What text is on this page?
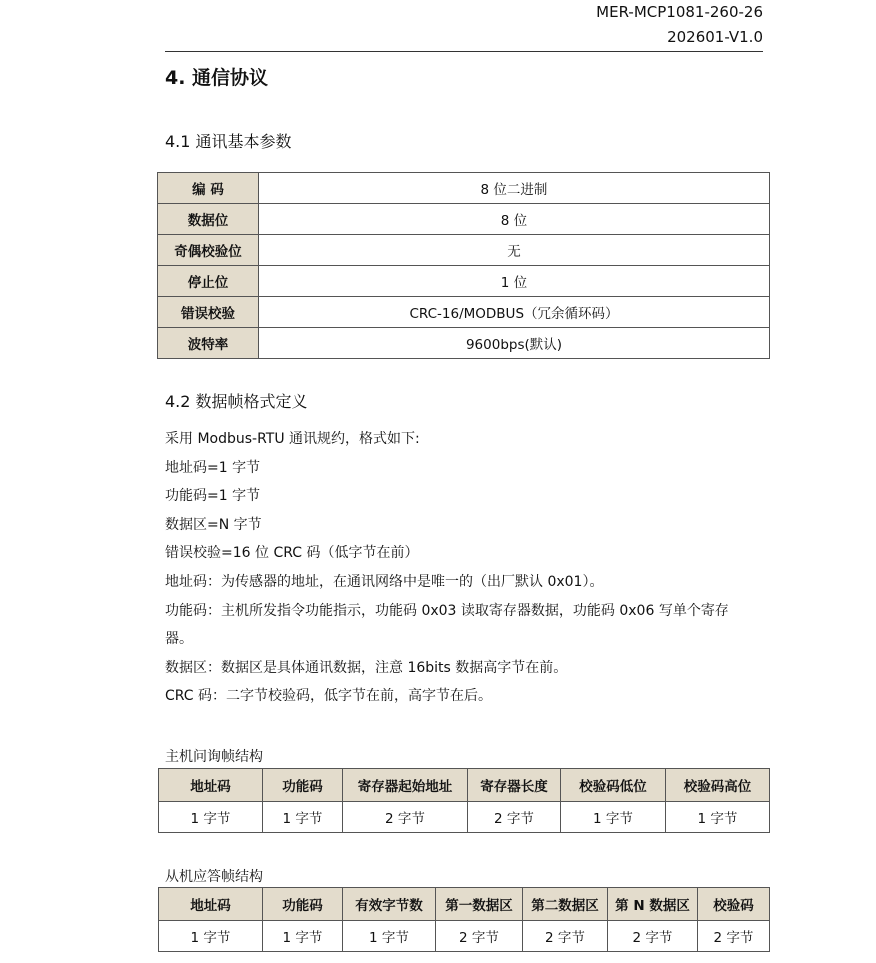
MER-MCP1081-260-26
202601-V1.0
4. 通信协议
4.1 通讯基本参数
编 码	8 位二进制
数据位	8 位
奇偶校验位	无
停止位	1 位
错误校验	CRC-16/MODBUS（冗余循环码）
波特率	9600bps(默认)
4.2 数据帧格式定义

采用 Modbus-RTU 通讯规约，格式如下:

地址码=1 字节

功能码=1 字节

数据区=N 字节

错误校验=16 位 CRC 码（低字节在前）

地址码：为传感器的地址，在通讯网络中是唯一的（出厂默认 0x01）。

功能码：主机所发指令功能指示，功能码 0x03 读取寄存器数据，功能码 0x06 写单个寄存

器。

数据区：数据区是具体通讯数据，注意 16bits 数据高字节在前。

CRC 码：二字节校验码，低字节在前，高字节在后。

主机问询帧结构
地址码	功能码	寄存器起始地址	寄存器长度	校验码低位	校验码高位
1 字节	1 字节	2 字节	2 字节	1 字节	1 字节
从机应答帧结构
地址码	功能码	有效字节数	第一数据区	第二数据区	第 N 数据区	校验码
1 字节	1 字节	1 字节	2 字节	2 字节	2 字节	2 字节
